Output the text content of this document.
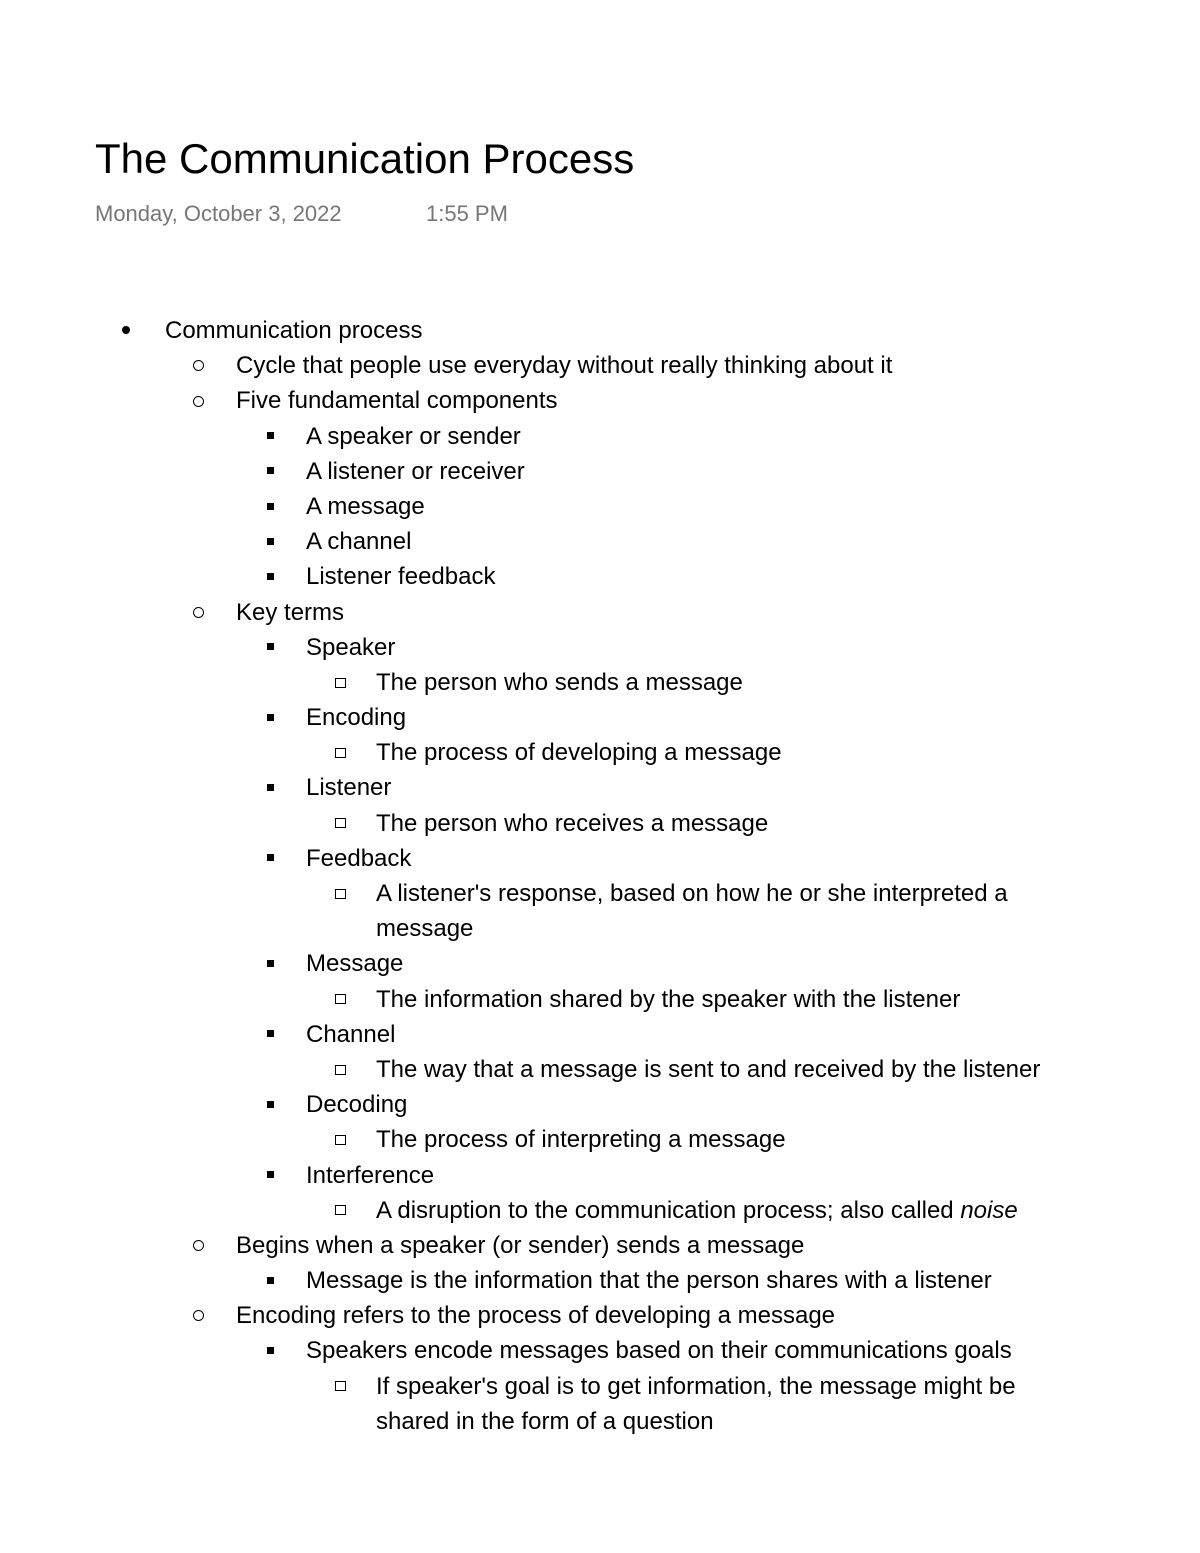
The Communication Process
Monday, October 3, 2022	1:55 PM
Communication process
Cycle that people use everyday without really thinking about it
Five fundamental components
A speaker or sender
A listener or receiver
A message
A channel
Listener feedback
Key terms
Speaker
The person who sends a message
Encoding
The process of developing a message
Listener
The person who receives a message
Feedback
A listener's response, based on how he or she interpreted a
message
Message
The information shared by the speaker with the listener
Channel
The way that a message is sent to and received by the listener
Decoding
The process of interpreting a message
Interference
A disruption to the communication process; also called noise
Begins when a speaker (or sender) sends a message
Message is the information that the person shares with a listener
Encoding refers to the process of developing a message
Speakers encode messages based on their communications goals
If speaker's goal is to get information, the message might be
shared in the form of a question
